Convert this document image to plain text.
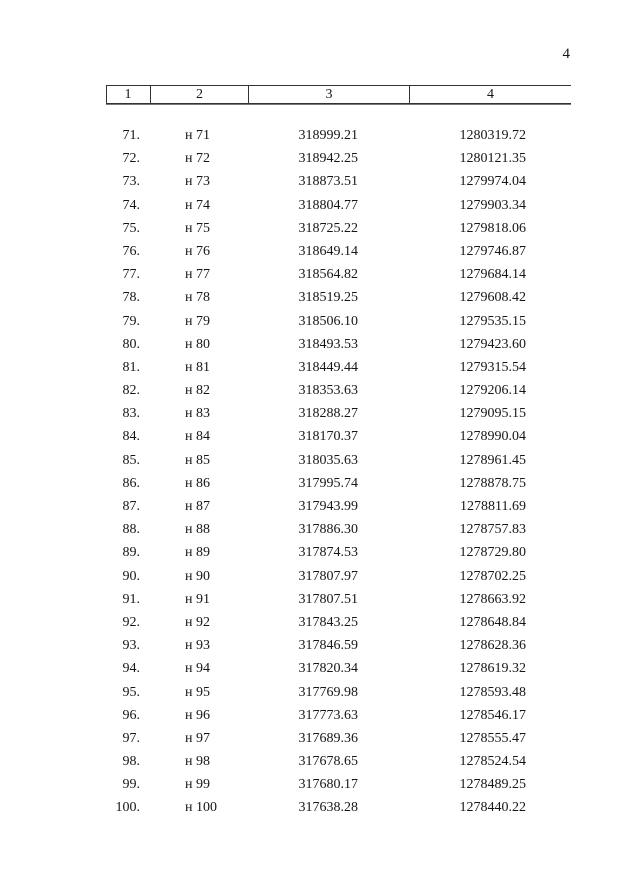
4
1	2	3	4
71.	н 71	318999.21	1280319.72
72.	н 72	318942.25	1280121.35
73.	н 73	318873.51	1279974.04
74.	н 74	318804.77	1279903.34
75.	н 75	318725.22	1279818.06
76.	н 76	318649.14	1279746.87
77.	н 77	318564.82	1279684.14
78.	н 78	318519.25	1279608.42
79.	н 79	318506.10	1279535.15
80.	н 80	318493.53	1279423.60
81.	н 81	318449.44	1279315.54
82.	н 82	318353.63	1279206.14
83.	н 83	318288.27	1279095.15
84.	н 84	318170.37	1278990.04
85.	н 85	318035.63	1278961.45
86.	н 86	317995.74	1278878.75
87.	н 87	317943.99	1278811.69
88.	н 88	317886.30	1278757.83
89.	н 89	317874.53	1278729.80
90.	н 90	317807.97	1278702.25
91.	н 91	317807.51	1278663.92
92.	н 92	317843.25	1278648.84
93.	н 93	317846.59	1278628.36
94.	н 94	317820.34	1278619.32
95.	н 95	317769.98	1278593.48
96.	н 96	317773.63	1278546.17
97.	н 97	317689.36	1278555.47
98.	н 98	317678.65	1278524.54
99.	н 99	317680.17	1278489.25
100.	н 100	317638.28	1278440.22
